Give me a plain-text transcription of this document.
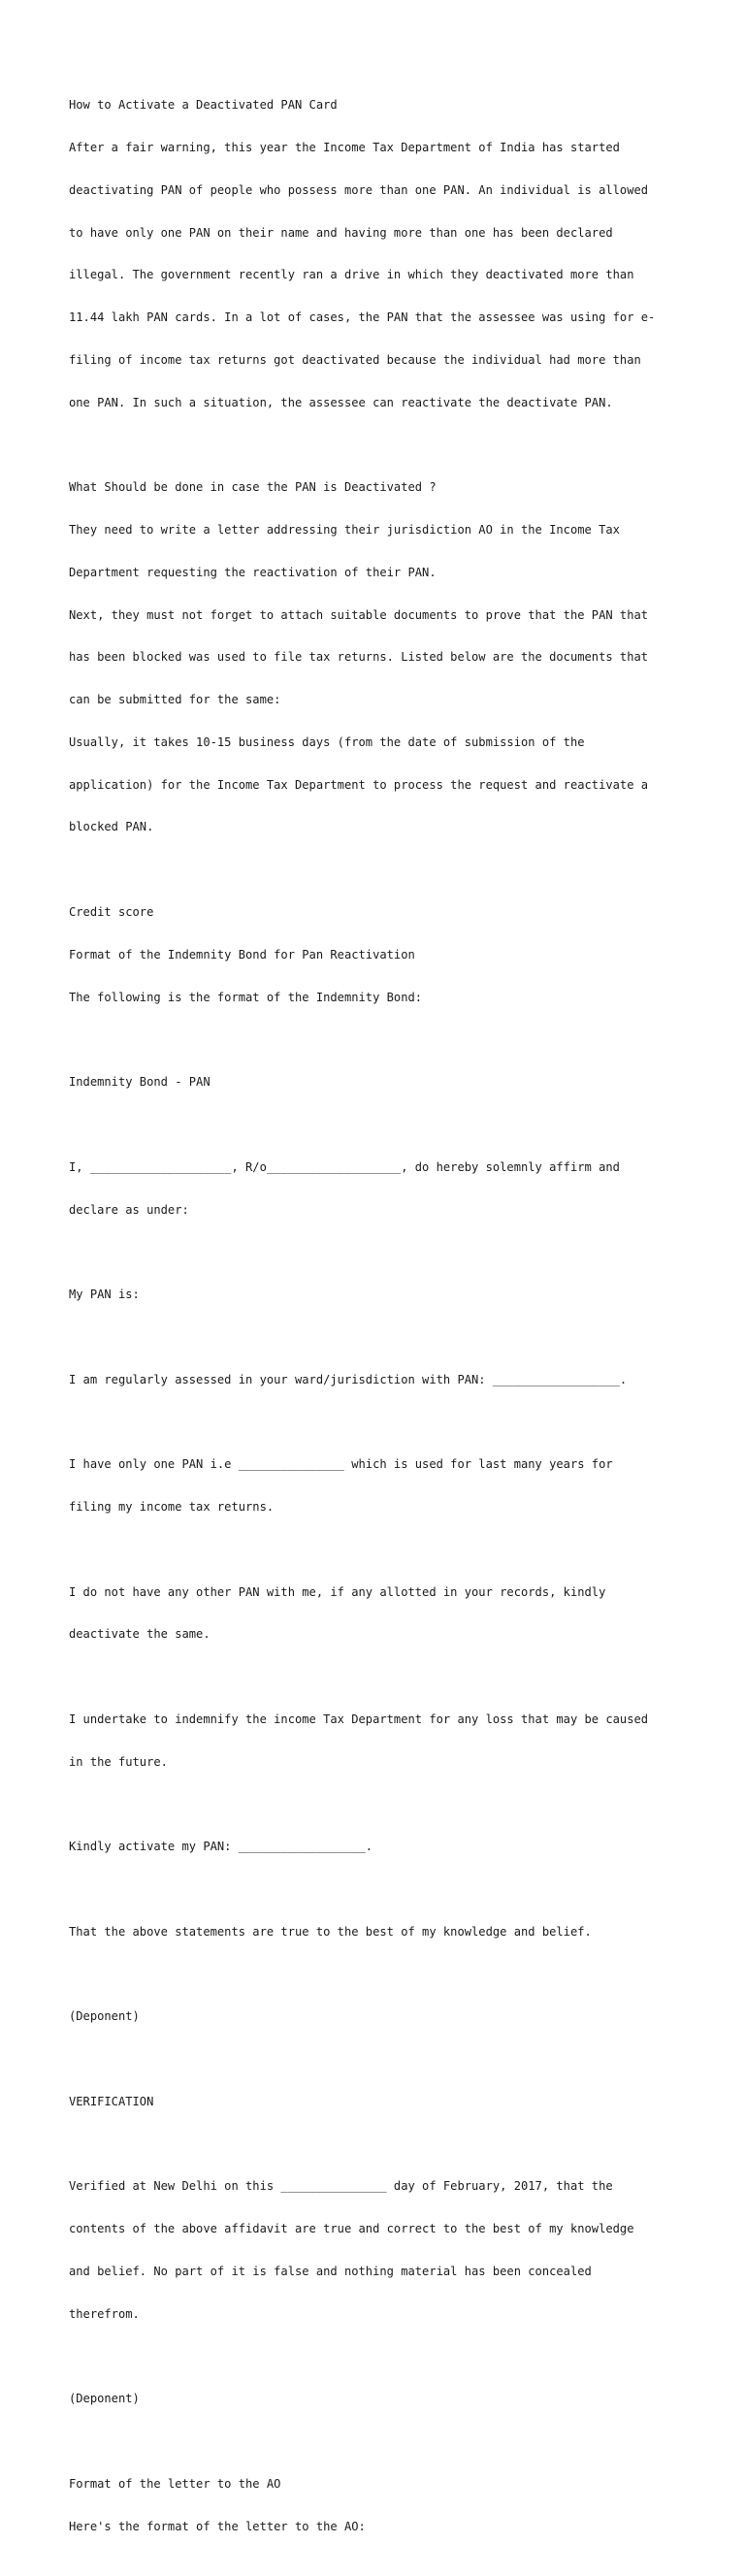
How to Activate a Deactivated PAN Card

After a fair warning, this year the Income Tax Department of India has started

deactivating PAN of people who possess more than one PAN. An individual is allowed

to have only one PAN on their name and having more than one has been declared

illegal. The government recently ran a drive in which they deactivated more than

11.44 lakh PAN cards. In a lot of cases, the PAN that the assessee was using for e-

filing of income tax returns got deactivated because the individual had more than

one PAN. In such a situation, the assessee can reactivate the deactivate PAN.

What Should be done in case the PAN is Deactivated ?

They need to write a letter addressing their jurisdiction AO in the Income Tax

Department requesting the reactivation of their PAN.

Next, they must not forget to attach suitable documents to prove that the PAN that

has been blocked was used to file tax returns. Listed below are the documents that

can be submitted for the same:

Usually, it takes 10-15 business days (from the date of submission of the

application) for the Income Tax Department to process the request and reactivate a

blocked PAN.

Credit score

Format of the Indemnity Bond for Pan Reactivation

The following is the format of the Indemnity Bond:

Indemnity Bond - PAN

I, ____________________, R/o___________________, do hereby solemnly affirm and

declare as under:

My PAN is:

I am regularly assessed in your ward/jurisdiction with PAN: __________________.

I have only one PAN i.e _______________ which is used for last many years for

filing my income tax returns.

I do not have any other PAN with me, if any allotted in your records, kindly

deactivate the same.

I undertake to indemnify the income Tax Department for any loss that may be caused

in the future.

Kindly activate my PAN: __________________.

That the above statements are true to the best of my knowledge and belief.

(Deponent)

VERIFICATION

Verified at New Delhi on this _______________ day of February, 2017, that the

contents of the above affidavit are true and correct to the best of my knowledge

and belief. No part of it is false and nothing material has been concealed

therefrom.

(Deponent)

Format of the letter to the AO

Here's the format of the letter to the AO:
